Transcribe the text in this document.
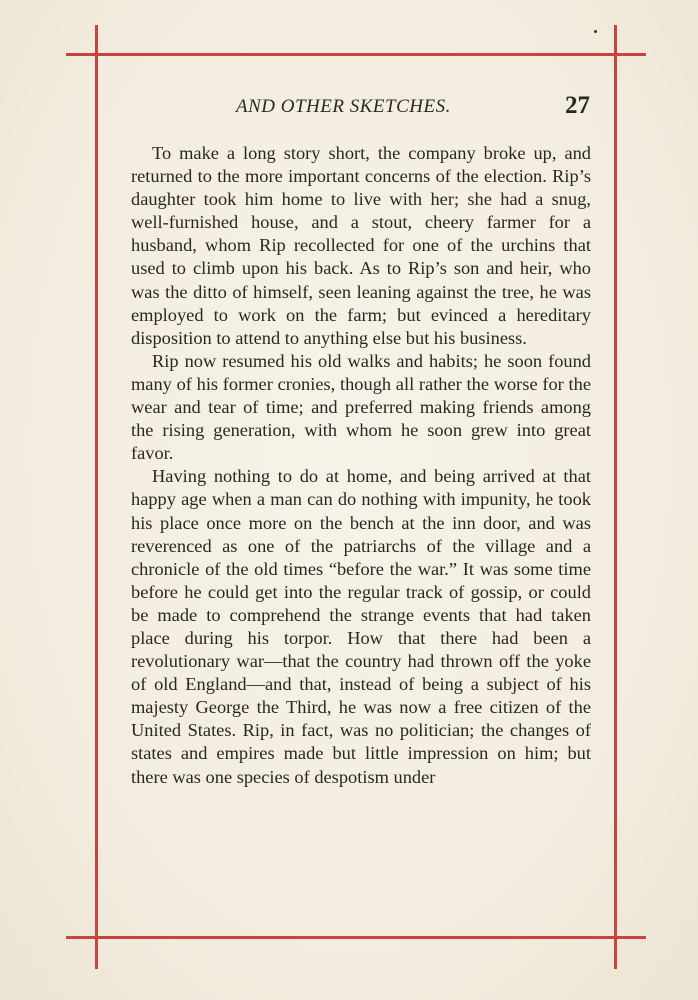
AND OTHER SKETCHES.	27

To make a long story short, the company broke up, and returned to the more important concerns of the election. Rip’s daughter took him home to live with her; she had a snug, well-furnished house, and a stout, cheery farmer for a husband, whom Rip recollected for one of the urchins that used to climb upon his back. As to Rip’s son and heir, who was the ditto of himself, seen leaning against the tree, he was employed to work on the farm; but evinced a hereditary disposition to attend to anything else but his business.

Rip now resumed his old walks and habits; he soon found many of his former cronies, though all rather the worse for the wear and tear of time; and preferred making friends among the rising generation, with whom he soon grew into great favor.

Having nothing to do at home, and being arrived at that happy age when a man can do nothing with impunity, he took his place once more on the bench at the inn door, and was reverenced as one of the patriarchs of the village and a chronicle of the old times “before the war.” It was some time before he could get into the regular track of gossip, or could be made to comprehend the strange events that had taken place during his torpor. How that there had been a revolutionary war—that the country had thrown off the yoke of old England—and that, instead of being a subject of his majesty George the Third, he was now a free citizen of the United States. Rip, in fact, was no politician; the changes of states and empires made but little impression on him; but there was one species of despotism under
